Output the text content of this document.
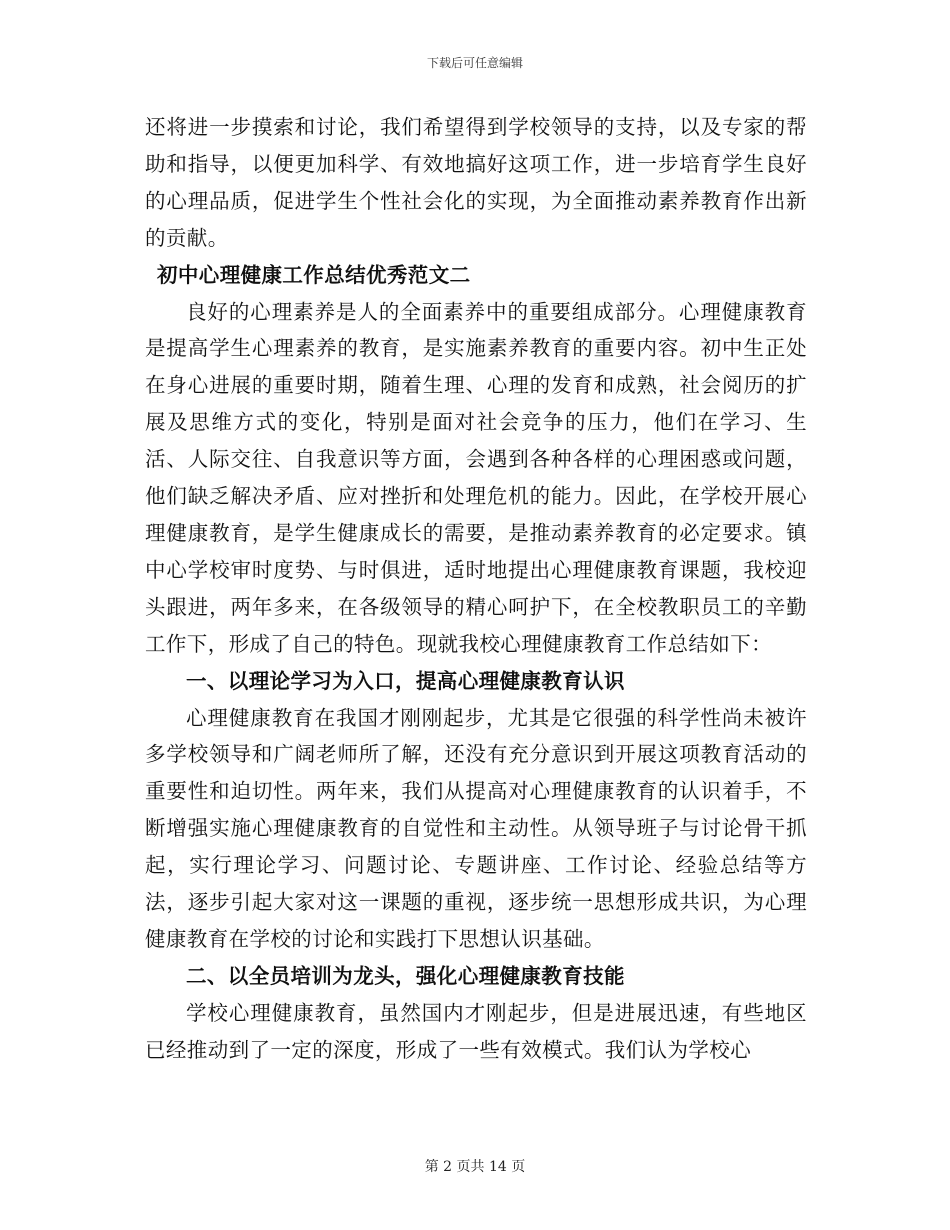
下载后可任意编辑

还将进一步摸索和讨论，我们希望得到学校领导的支持，以及专家的帮助和指导，以便更加科学、有效地搞好这项工作，进一步培育学生良好的心理品质，促进学生个性社会化的实现，为全面推动素养教育作出新的贡献。

初中心理健康工作总结优秀范文二

良好的心理素养是人的全面素养中的重要组成部分。心理健康教育是提高学生心理素养的教育，是实施素养教育的重要内容。初中生正处在身心进展的重要时期，随着生理、心理的发育和成熟，社会阅历的扩展及思维方式的变化，特别是面对社会竞争的压力，他们在学习、生活、人际交往、自我意识等方面，会遇到各种各样的心理困惑或问题，他们缺乏解决矛盾、应对挫折和处理危机的能力。因此，在学校开展心理健康教育，是学生健康成长的需要，是推动素养教育的必定要求。镇中心学校审时度势、与时俱进，适时地提出心理健康教育课题，我校迎头跟进，两年多来，在各级领导的精心呵护下，在全校教职员工的辛勤工作下，形成了自己的特色。现就我校心理健康教育工作总结如下：

一、以理论学习为入口，提高心理健康教育认识

心理健康教育在我国才刚刚起步，尤其是它很强的科学性尚未被许多学校领导和广阔老师所了解，还没有充分意识到开展这项教育活动的重要性和迫切性。两年来，我们从提高对心理健康教育的认识着手，不断增强实施心理健康教育的自觉性和主动性。从领导班子与讨论骨干抓起，实行理论学习、问题讨论、专题讲座、工作讨论、经验总结等方法，逐步引起大家对这一课题的重视，逐步统一思想形成共识，为心理健康教育在学校的讨论和实践打下思想认识基础。

二、以全员培训为龙头，强化心理健康教育技能

学校心理健康教育，虽然国内才刚起步，但是进展迅速，有些地区已经推动到了一定的深度，形成了一些有效模式。我们认为学校心

第 2 页共 14 页
